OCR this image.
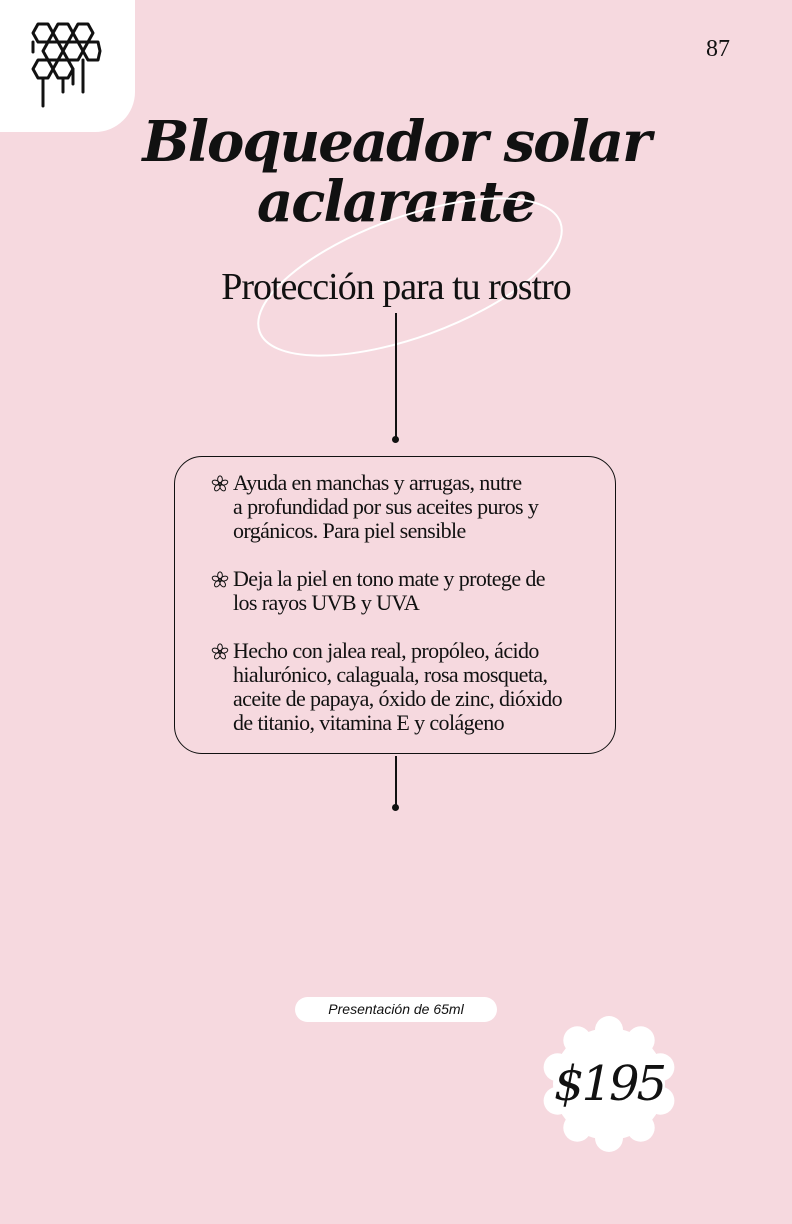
87
Bloqueador solar
aclarante

Protección para tu rostro

Ayuda en manchas y arrugas, nutre
a profundidad por sus aceites puros y
orgánicos. Para piel sensible
Deja la piel en tono mate y protege de
los rayos UVB y UVA
Hecho con jalea real, propóleo, ácido
hialurónico, calaguala, rosa mosqueta,
aceite de papaya, óxido de zinc, dióxido
de titanio, vitamina E y colágeno
Presentación de 65ml
$195
